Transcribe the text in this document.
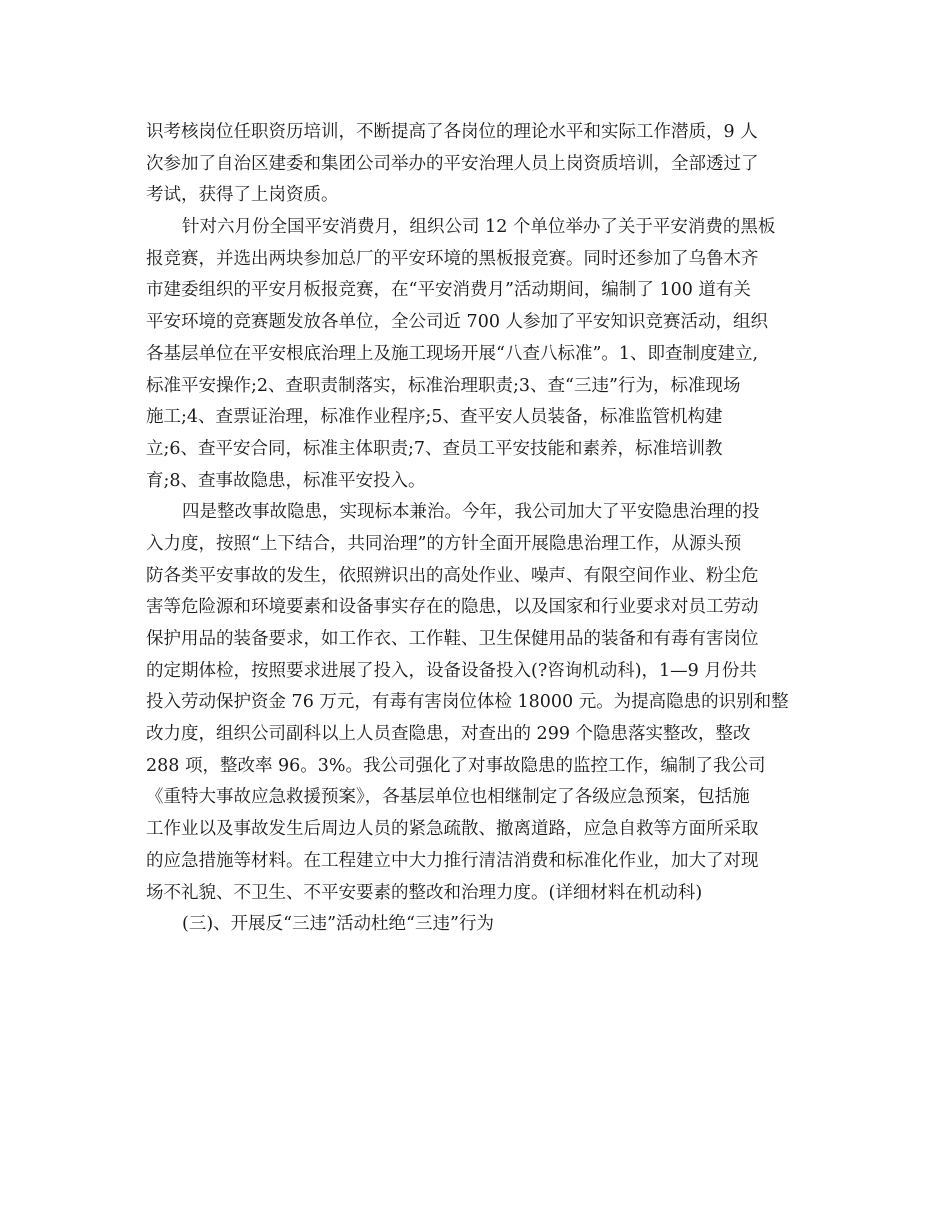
识考核岗位任职资历培训，不断提高了各岗位的理论水平和实际工作潜质，9 人
次参加了自治区建委和集团公司举办的平安治理人员上岗资质培训，全部透过了
考试，获得了上岗资质。
针对六月份全国平安消费月，组织公司 12 个单位举办了关于平安消费的黑板
报竞赛，并选出两块参加总厂的平安环境的黑板报竞赛。同时还参加了乌鲁木齐
市建委组织的平安月板报竞赛，在“平安消费月”活动期间，编制了 100 道有关
平安环境的竞赛题发放各单位，全公司近 700 人参加了平安知识竞赛活动，组织
各基层单位在平安根底治理上及施工现场开展“八查八标准”。1、即查制度建立,
标准平安操作;2、查职责制落实，标准治理职责;3、查“三违”行为，标准现场
施工;4、查票证治理，标准作业程序;5、查平安人员装备，标准监管机构建
立;6、查平安合同，标准主体职责;7、查员工平安技能和素养，标准培训教
育;8、查事故隐患，标准平安投入。
四是整改事故隐患，实现标本兼治。今年，我公司加大了平安隐患治理的投
入力度，按照“上下结合，共同治理”的方针全面开展隐患治理工作，从源头预
防各类平安事故的发生，依照辨识出的高处作业、噪声、有限空间作业、粉尘危
害等危险源和环境要素和设备事实存在的隐患，以及国家和行业要求对员工劳动
保护用品的装备要求，如工作衣、工作鞋、卫生保健用品的装备和有毒有害岗位
的定期体检，按照要求进展了投入，设备设备投入(?咨询机动科)，1—9 月份共
投入劳动保护资金 76 万元，有毒有害岗位体检 18000 元。为提高隐患的识别和整
改力度，组织公司副科以上人员查隐患，对查出的 299 个隐患落实整改，整改
288 项，整改率 96。3%。我公司强化了对事故隐患的监控工作，编制了我公司
《重特大事故应急救援预案》，各基层单位也相继制定了各级应急预案，包括施
工作业以及事故发生后周边人员的紧急疏散、撤离道路，应急自救等方面所采取
的应急措施等材料。在工程建立中大力推行清洁消费和标准化作业，加大了对现
场不礼貌、不卫生、不平安要素的整改和治理力度。(详细材料在机动科)
(三)、开展反“三违”活动杜绝“三违”行为
